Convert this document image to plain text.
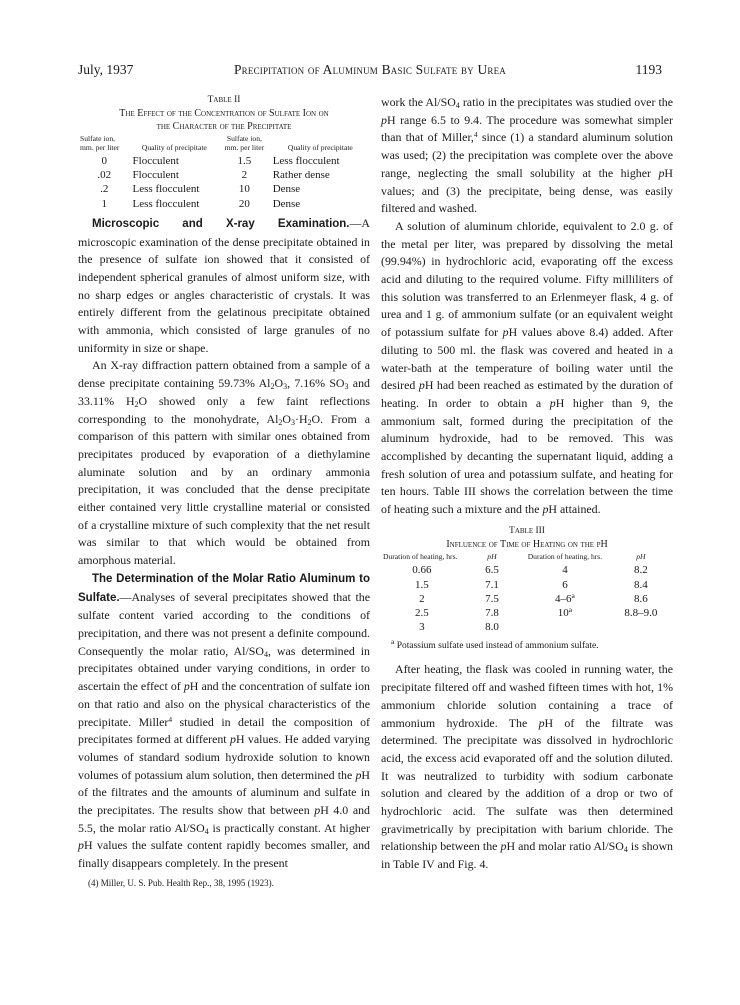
July, 1937	Precipitation of Aluminum Basic Sulfate by Urea	1193
Table II
The Effect of the Concentration of Sulfate Ion on
the Character of the Precipitate
Sulfate ion, mm. per liter	Quality of precipitate	Sulfate ion, mm. per liter	Quality of precipitate
0	Flocculent	1.5	Less flocculent
.02	Flocculent	2	Rather dense
.2	Less flocculent	10	Dense
1	Less flocculent	20	Dense

Microscopic and X-ray Examination.—A microscopic examination of the dense precipitate obtained in the presence of sulfate ion showed that it consisted of independent spherical granules of almost uniform size, with no sharp edges or angles characteristic of crystals. It was entirely different from the gelatinous precipitate obtained with ammonia, which consisted of large granules of no uniformity in size or shape.

An X-ray diffraction pattern obtained from a sample of a dense precipitate containing 59.73% $Al_2O_3$, 7.16% $SO_3$ and 33.11% $H_2O$ showed only a few faint reflections corresponding to the monohydrate, $Al_2O_3\cdot H_2O$. From a comparison of this pattern with similar ones obtained from precipitates produced by evaporation of a diethylamine aluminate solution and by an ordinary ammonia precipitation, it was concluded that the dense precipitate either contained very little crystalline material or consisted of a crystalline mixture of such complexity that the net result was similar to that which would be obtained from amorphous material.

The Determination of the Molar Ratio Aluminum to Sulfate.—Analyses of several precipitates showed that the sulfate content varied according to the conditions of precipitation, and there was not present a definite compound. Consequently the molar ratio, $Al/SO_4$, was determined in precipitates obtained under varying conditions, in order to ascertain the effect of pH and the concentration of sulfate ion on that ratio and also on the physical characteristics of the precipitate. Miller$^4$ studied in detail the composition of precipitates formed at different pH values. He added varying volumes of standard sodium hydroxide solution to known volumes of potassium alum solution, then determined the pH of the filtrates and the amounts of aluminum and sulfate in the precipitates. The results show that between pH 4.0 and 5.5, the molar ratio $Al/SO_4$ is practically constant. At higher pH values the sulfate content rapidly becomes smaller, and finally disappears completely. In the present

(4) Miller, U. S. Pub. Health Rep., 38, 1995 (1923).

work the $Al/SO_4$ ratio in the precipitates was studied over the pH range 6.5 to 9.4. The procedure was somewhat simpler than that of Miller,$^4$ since (1) a standard aluminum solution was used; (2) the precipitation was complete over the above range, neglecting the small solubility at the higher pH values; and (3) the precipitate, being dense, was easily filtered and washed.

A solution of aluminum chloride, equivalent to 2.0 g. of the metal per liter, was prepared by dissolving the metal (99.94%) in hydrochloric acid, evaporating off the excess acid and diluting to the required volume. Fifty milliliters of this solution was transferred to an Erlenmeyer flask, 4 g. of urea and 1 g. of ammonium sulfate (or an equivalent weight of potassium sulfate for pH values above 8.4) added. After diluting to 500 ml. the flask was covered and heated in a water-bath at the temperature of boiling water until the desired pH had been reached as estimated by the duration of heating. In order to obtain a pH higher than 9, the ammonium salt, formed during the precipitation of the aluminum hydroxide, had to be removed. This was accomplished by decanting the supernatant liquid, adding a fresh solution of urea and potassium sulfate, and heating for ten hours. Table III shows the correlation between the time of heating such a mixture and the pH attained.

Table III
Influence of Time of Heating on the pH
Duration of heating, hrs.	pH	Duration of heating, hrs.	pH
0.66	6.5	4	8.2
1.5	7.1	6	8.4
2	7.5	4–6$^a$	8.6
2.5	7.8	10$^a$	8.8–9.0
3	8.0		

$^a$ Potassium sulfate used instead of ammonium sulfate.

After heating, the flask was cooled in running water, the precipitate filtered off and washed fifteen times with hot, 1% ammonium chloride solution containing a trace of ammonium hydroxide. The pH of the filtrate was determined. The precipitate was dissolved in hydrochloric acid, the excess acid evaporated off and the solution diluted. It was neutralized to turbidity with sodium carbonate solution and cleared by the addition of a drop or two of hydrochloric acid. The sulfate was then determined gravimetrically by precipitation with barium chloride. The relationship between the pH and molar ratio $Al/SO_4$ is shown in Table IV and Fig. 4.
